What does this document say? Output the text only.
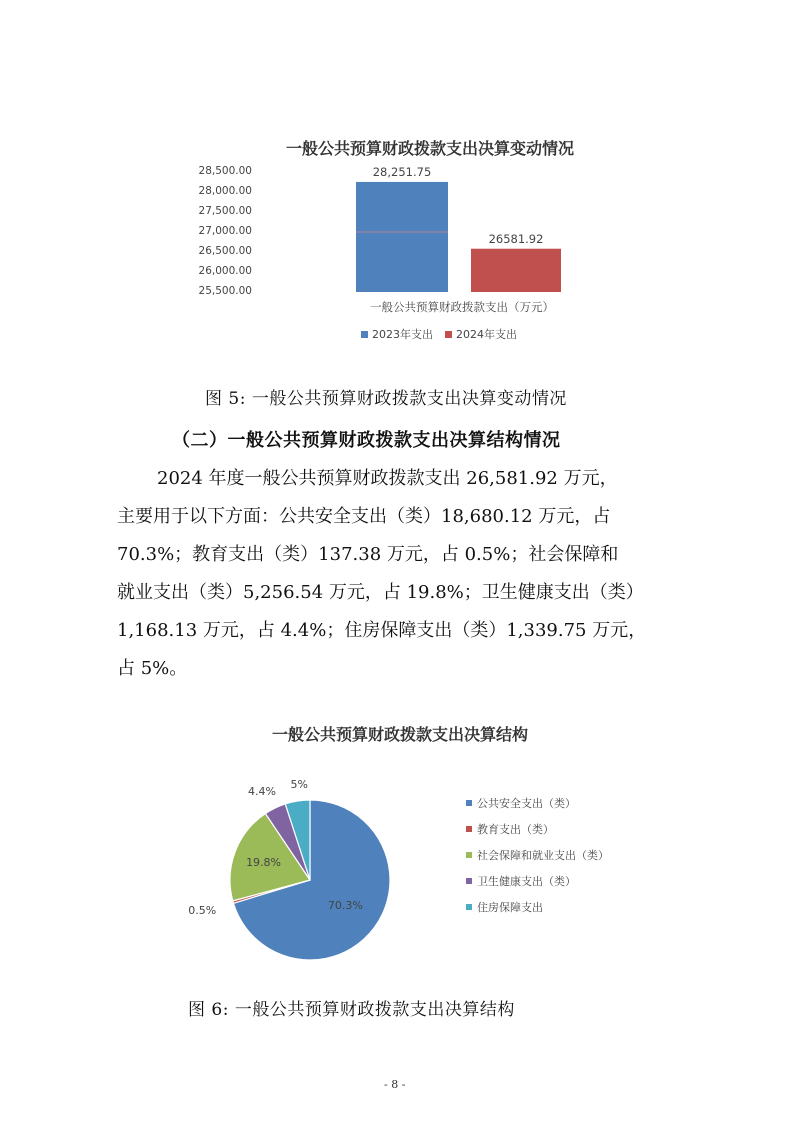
一般公共预算财政拨款支出决算变动情况
28,500.00
28,000.00
27,500.00
27,000.00
26,500.00
26,000.00
25,500.00
28,251.75
26581.92
一般公共预算财政拨款支出（万元）
2023年支出 2024年支出
图 5: 一般公共预算财政拨款支出决算变动情况
（二）一般公共预算财政拨款支出决算结构情况
2024 年度一般公共预算财政拨款支出 26,581.92 万元，
主要用于以下方面：公共安全支出（类）18,680.12 万元，占
70.3%；教育支出（类）137.38 万元，占 0.5%；社会保障和
就业支出（类）5,256.54 万元，占 19.8%；卫生健康支出（类）
1,168.13 万元，占 4.4%；住房保障支出（类）1,339.75 万元，
占 5%。
一般公共预算财政拨款支出决算结构
70.3%
0.5%
19.8%
4.4%
5%
公共安全支出（类）
教育支出（类）
社会保障和就业支出（类）
卫生健康支出（类）
住房保障支出
图 6: 一般公共预算财政拨款支出决算结构
- 8 -
